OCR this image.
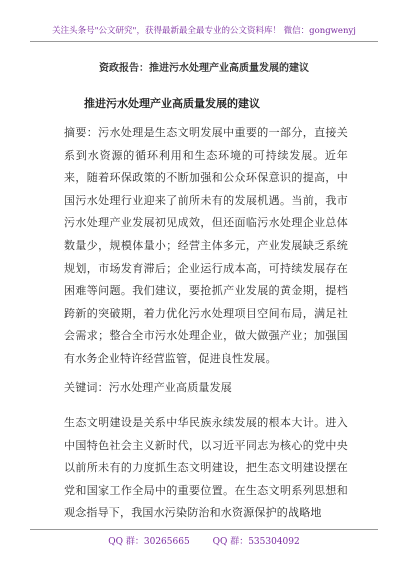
关注头条号"公文研究"，获得最新最全最专业的公文资料库！ 微信：gongwenyj
资政报告：推进污水处理产业高质量发展的建议
推进污水处理产业高质量发展的建议
摘要：污水处理是生态文明发展中重要的一部分，直接关系到水资源的循环利用和生态环境的可持续发展。近年来，随着环保政策的不断加强和公众环保意识的提高，中国污水处理行业迎来了前所未有的发展机遇。当前，我市污水处理产业发展初见成效，但还面临污水处理企业总体数量少，规模体量小；经营主体多元，产业发展缺乏系统规划，市场发育滞后；企业运行成本高，可持续发展存在困难等问题。我们建议，要抢抓产业发展的黄金期，提档跨新的突破期，着力优化污水处理项目空间布局，满足社会需求；整合全市污水处理企业，做大做强产业；加强国有水务企业特许经营监管，促进良性发展。
关键词：污水处理产业高质量发展
生态文明建设是关系中华民族永续发展的根本大计。进入中国特色社会主义新时代，以习近平同志为核心的党中央以前所未有的力度抓生态文明建设，把生态文明建设摆在党和国家工作全局中的重要位置。在生态文明系列思想和观念指导下，我国水污染防治和水资源保护的战略地
QQ 群：30265665	QQ 群：535304092
